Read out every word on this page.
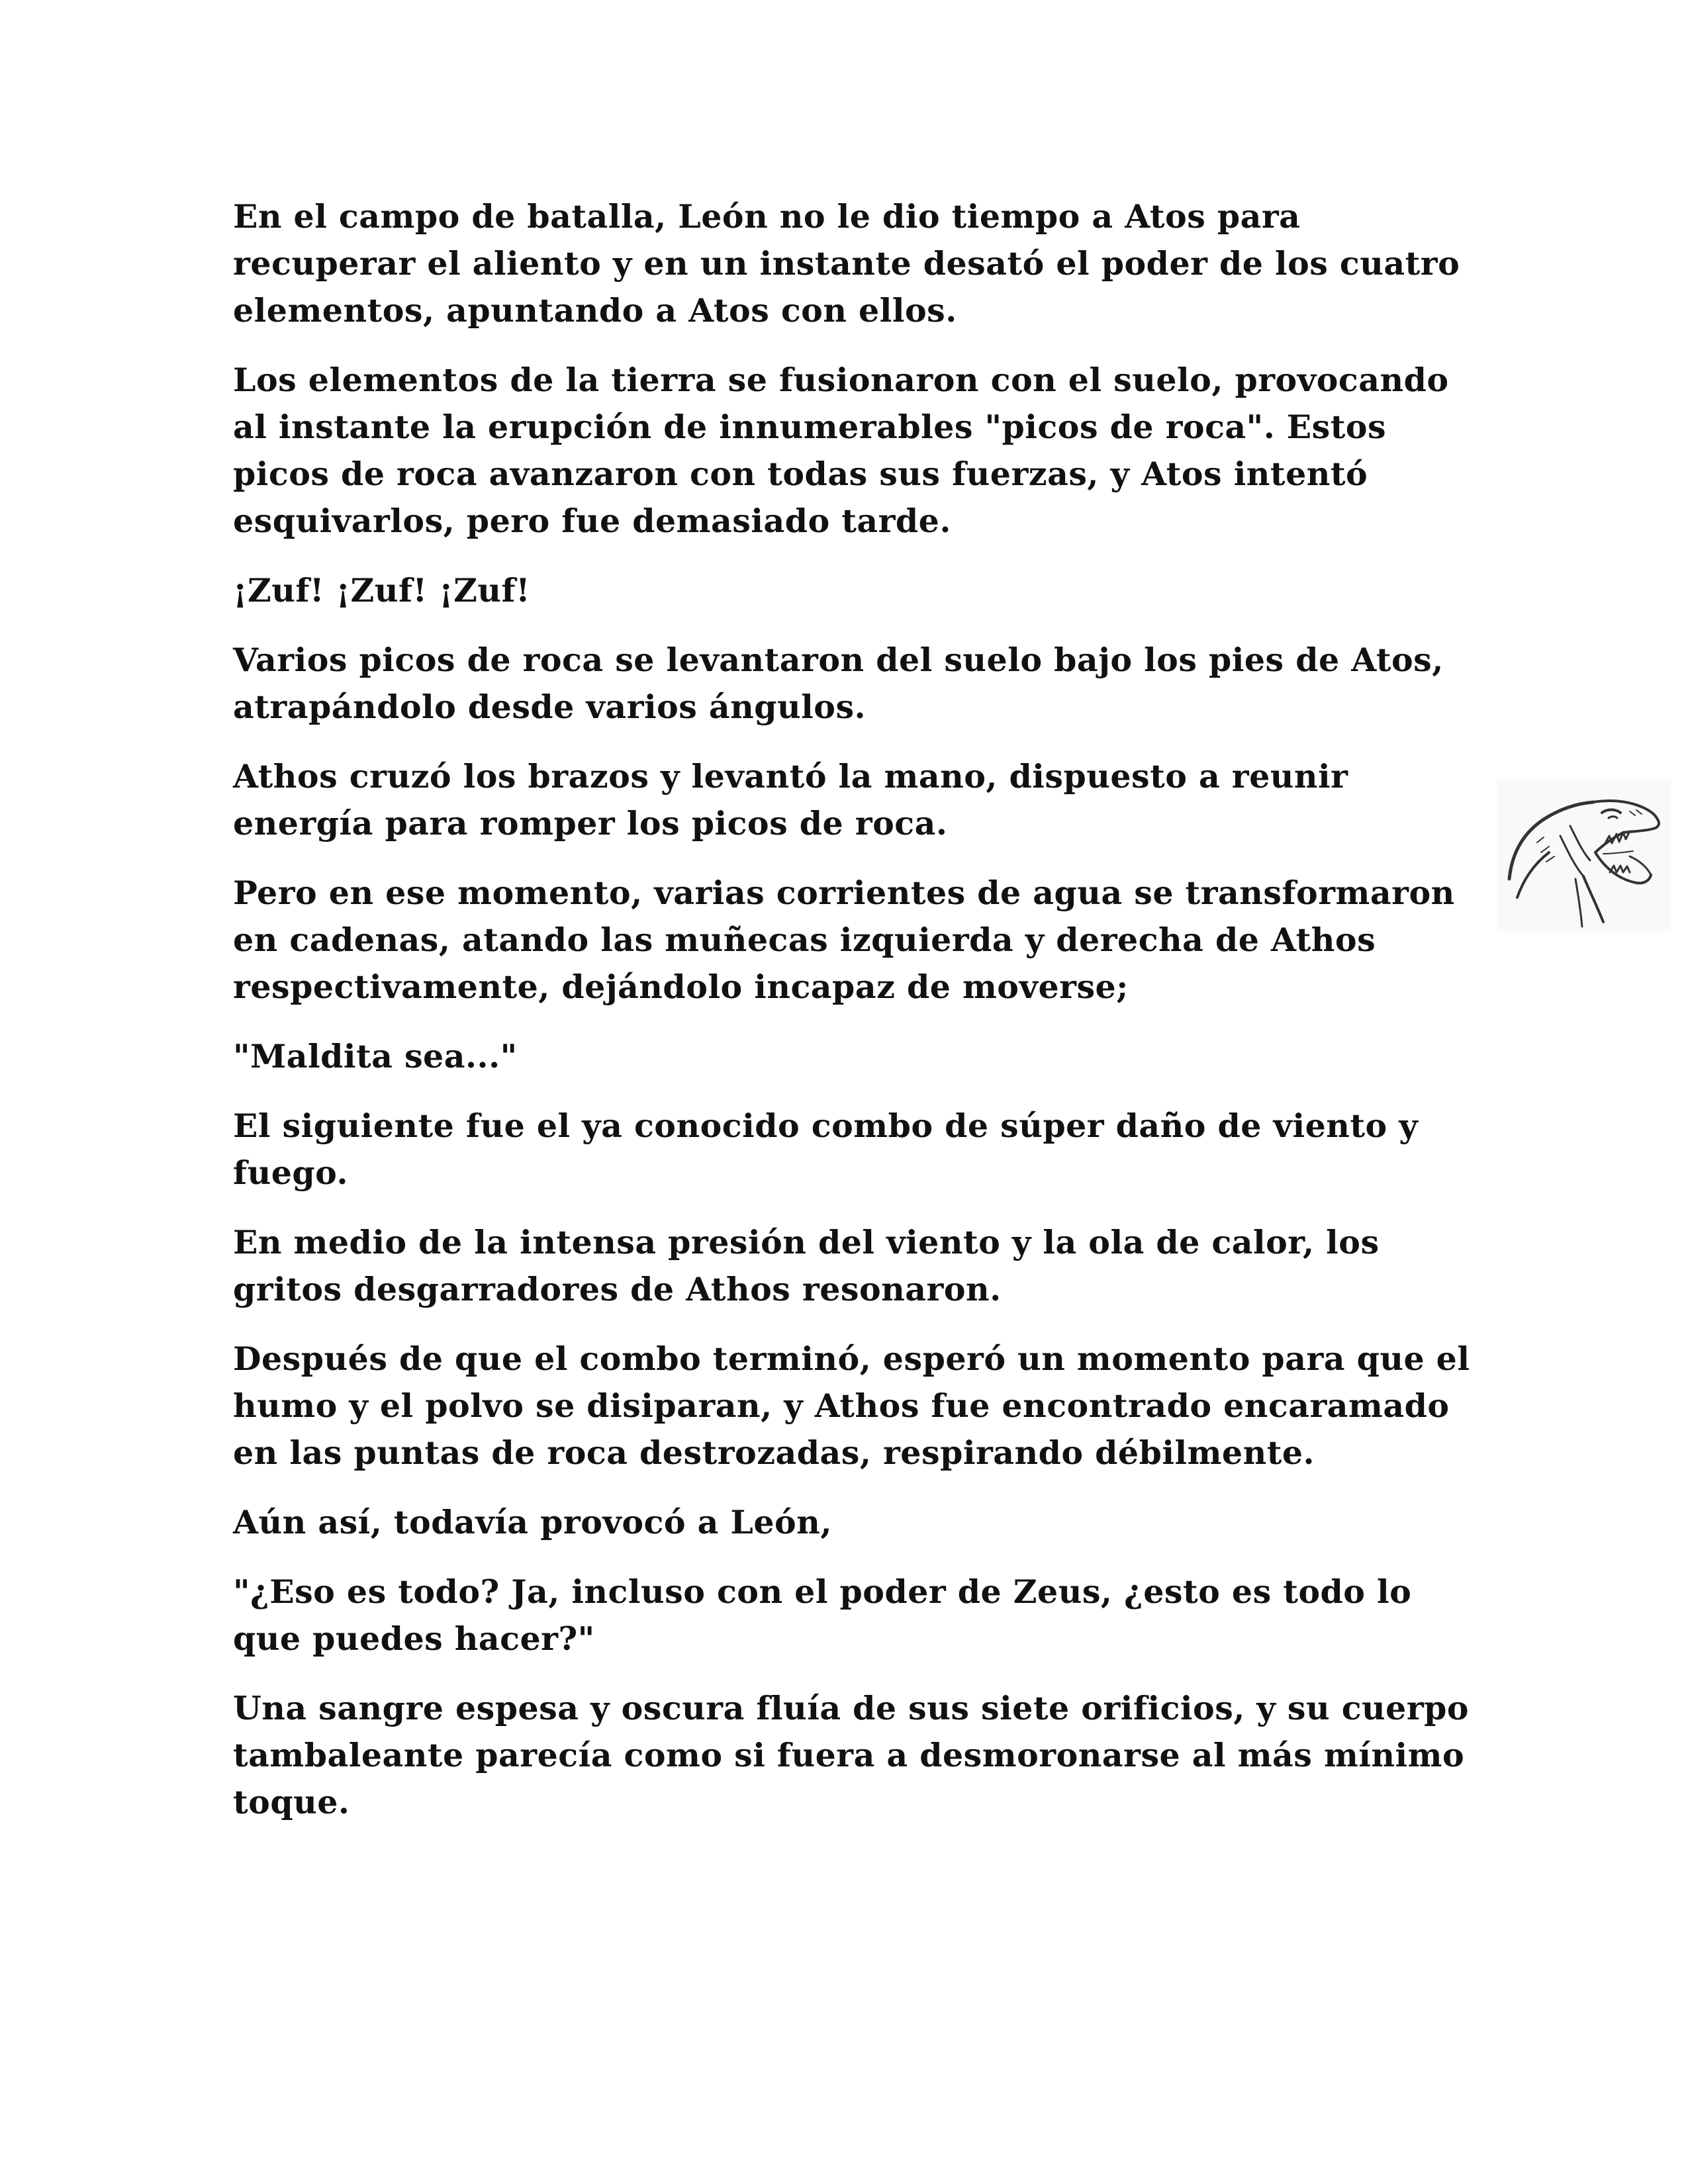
En el campo de batalla, León no le dio tiempo a Atos para recuperar el aliento y en un instante desató el poder de los cuatro elementos, apuntando a Atos con ellos.

Los elementos de la tierra se fusionaron con el suelo, provocando al instante la erupción de innumerables "picos de roca". Estos picos de roca avanzaron con todas sus fuerzas, y Atos intentó esquivarlos, pero fue demasiado tarde.

¡Zuf! ¡Zuf! ¡Zuf!

Varios picos de roca se levantaron del suelo bajo los pies de Atos, atrapándolo desde varios ángulos.

Athos cruzó los brazos y levantó la mano, dispuesto a reunir energía para romper los picos de roca.

Pero en ese momento, varias corrientes de agua se transformaron en cadenas, atando las muñecas izquierda y derecha de Athos respectivamente, dejándolo incapaz de moverse;

"Maldita sea..."

El siguiente fue el ya conocido combo de súper daño de viento y fuego.

En medio de la intensa presión del viento y la ola de calor, los gritos desgarradores de Athos resonaron.

Después de que el combo terminó, esperó un momento para que el humo y el polvo se disiparan, y Athos fue encontrado encaramado en las puntas de roca destrozadas, respirando débilmente.

Aún así, todavía provocó a León,

"¿Eso es todo? Ja, incluso con el poder de Zeus, ¿esto es todo lo que puedes hacer?"

Una sangre espesa y oscura fluía de sus siete orificios, y su cuerpo tambaleante parecía como si fuera a desmoronarse al más mínimo toque.
